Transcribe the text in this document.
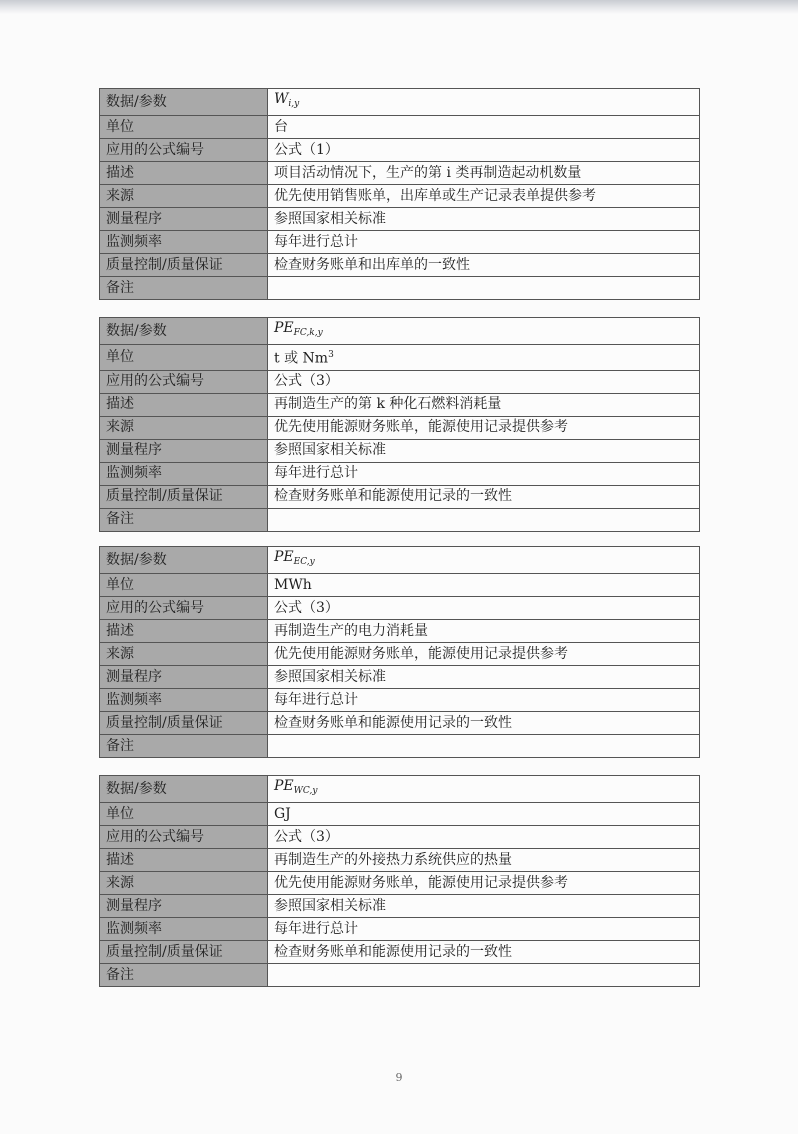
数据/参数	$W_{i,y}$
单位	台
应用的公式编号	公式（1）
描述	项目活动情况下，生产的第 i 类再制造起动机数量
来源	优先使用销售账单，出库单或生产记录表单提供参考
测量程序	参照国家相关标准
监测频率	每年进行总计
质量控制/质量保证	检查财务账单和出库单的一致性
备注	
数据/参数	$PE_{FC,k,y}$
单位	t 或 Nm$^3$
应用的公式编号	公式（3）
描述	再制造生产的第 k 种化石燃料消耗量
来源	优先使用能源财务账单，能源使用记录提供参考
测量程序	参照国家相关标准
监测频率	每年进行总计
质量控制/质量保证	检查财务账单和能源使用记录的一致性
备注	
数据/参数	$PE_{EC,y}$
单位	MWh
应用的公式编号	公式（3）
描述	再制造生产的电力消耗量
来源	优先使用能源财务账单，能源使用记录提供参考
测量程序	参照国家相关标准
监测频率	每年进行总计
质量控制/质量保证	检查财务账单和能源使用记录的一致性
备注	
数据/参数	$PE_{WC,y}$
单位	GJ
应用的公式编号	公式（3）
描述	再制造生产的外接热力系统供应的热量
来源	优先使用能源财务账单，能源使用记录提供参考
测量程序	参照国家相关标准
监测频率	每年进行总计
质量控制/质量保证	检查财务账单和能源使用记录的一致性
备注	
9
